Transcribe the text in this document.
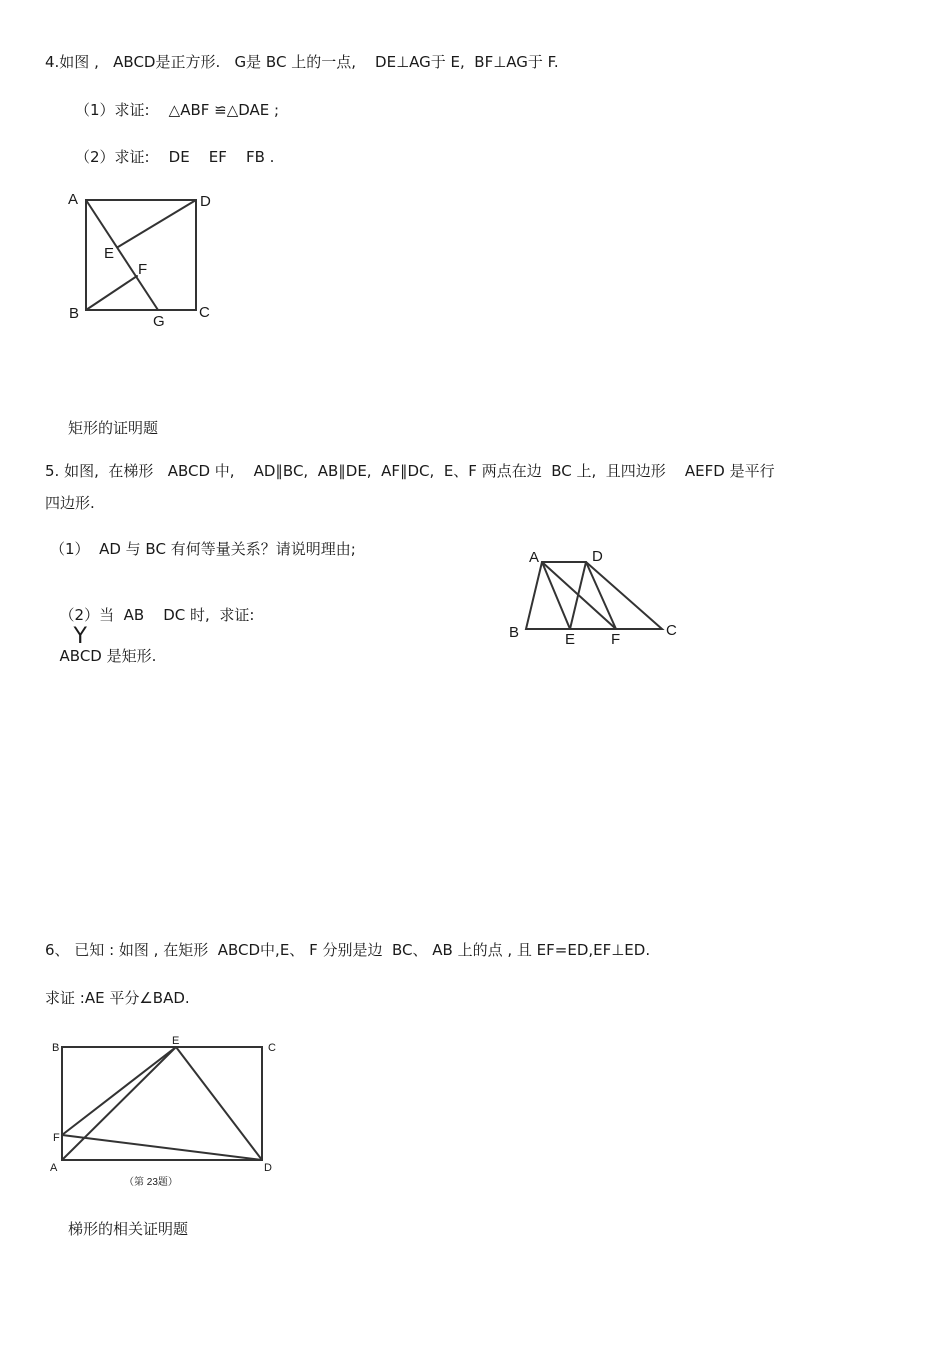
4.如图 ,   ABCD是正方形.   G是 BC 上的一点,    DE⊥AG于 E,  BF⊥AG于 F.
（1）求证:    △ABF ≌△DAE ;
（2）求证:    DE    EF    FB .
A	D
E
F
B	G
C
矩形的证明题
5. 如图,  在梯形   ABCD 中,    AD∥BC,  AB∥DE,  AF∥DC,  E、F 两点在边  BC 上,  且四边形    AEFD 是平行
四边形.
（1）  AD 与 BC 有何等量关系？请说明理由;

（2）当  AB    DC 时,  求证:
Y
ABCD 是矩形.

A	D
B	E F
C
6、 已知 : 如图 , 在矩形  ABCD中,E、 F 分别是边  BC、 AB 上的点 , 且 EF=ED,EF⊥ED.
求证 :AE 平分∠BAD.
B
E
C
F
A	D
（第 23题）
梯形的相关证明题
